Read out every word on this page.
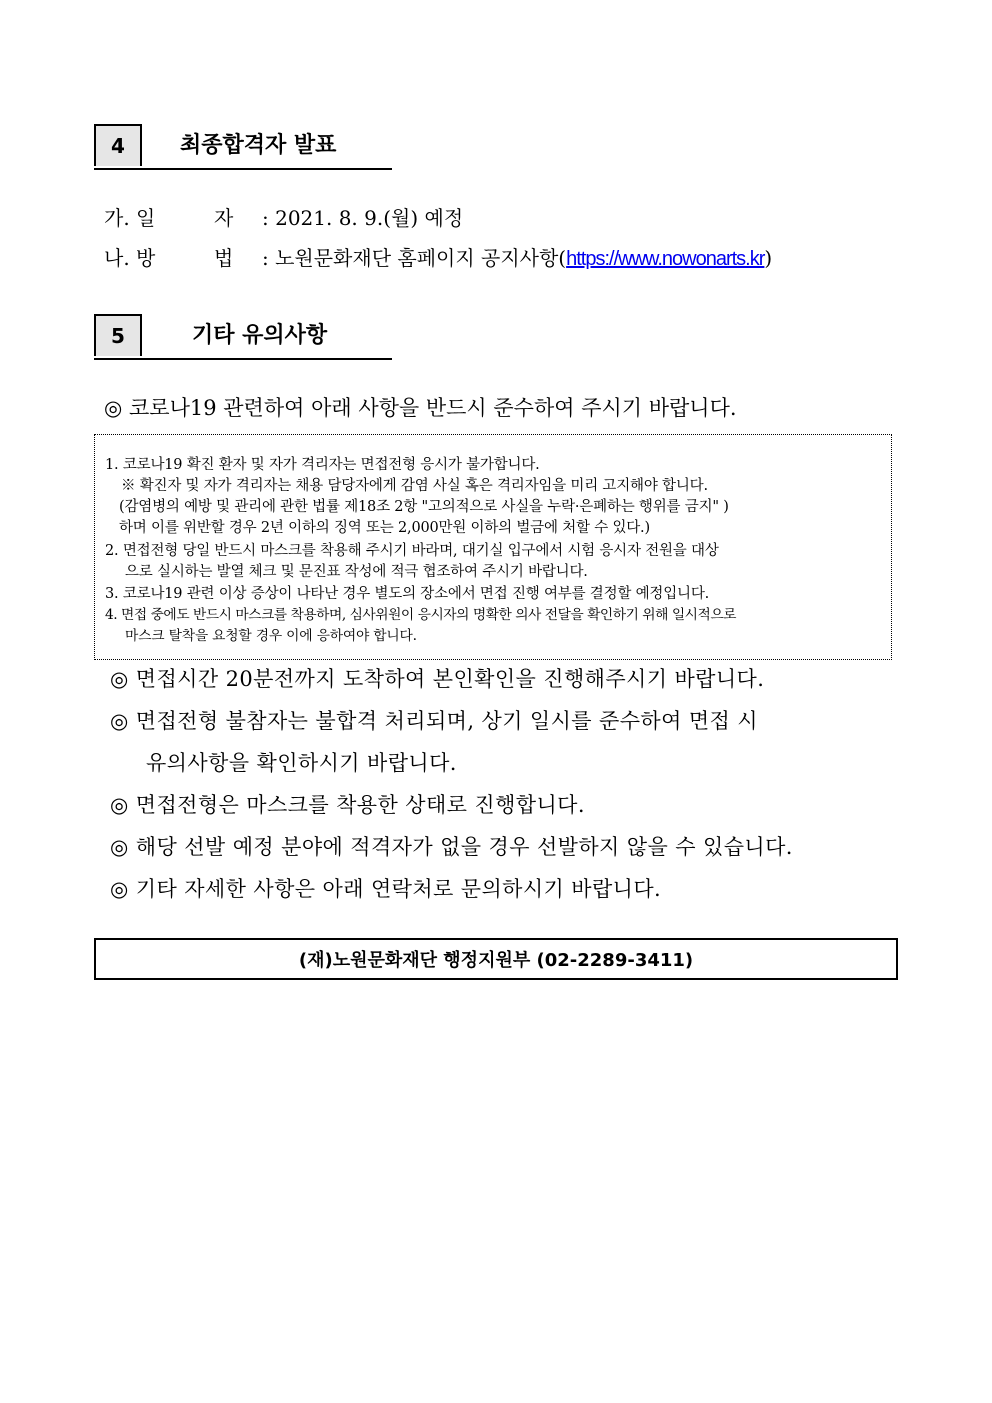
4	최종합격자 발표
가. 일	자 : 2021. 8. 9.(월) 예정
나. 방	법 : 노원문화재단 홈페이지 공지사항(https://www.nowonarts.kr)
5	기타 유의사항
◎ 코로나19 관련하여 아래 사항을 반드시 준수하여 주시기 바랍니다.
1. 코로나19 확진 환자 및 자가 격리자는 면접전형 응시가 불가합니다.
※ 확진자 및 자가 격리자는 채용 담당자에게 감염 사실 혹은 격리자임을 미리 고지해야 합니다.
(감염병의 예방 및 관리에 관한 법률 제18조 2항 "고의적으로 사실을 누락·은폐하는 행위를 금지" )
하며 이를 위반할 경우 2년 이하의 징역 또는 2,000만원 이하의 벌금에 처할 수 있다.)
2. 면접전형 당일 반드시 마스크를 착용해 주시기 바라며, 대기실 입구에서 시험 응시자 전원을 대상
으로 실시하는 발열 체크 및 문진표 작성에 적극 협조하여 주시기 바랍니다.
3. 코로나19 관련 이상 증상이 나타난 경우 별도의 장소에서 면접 진행 여부를 결정할 예정입니다.
4. 면접 중에도 반드시 마스크를 착용하며, 심사위원이 응시자의 명확한 의사 전달을 확인하기 위해 일시적으로
마스크 탈착을 요청할 경우 이에 응하여야 합니다.
◎ 면접시간 20분전까지 도착하여 본인확인을 진행해주시기 바랍니다.
◎ 면접전형 불참자는 불합격 처리되며, 상기 일시를 준수하여 면접 시
유의사항을 확인하시기 바랍니다.
◎ 면접전형은 마스크를 착용한 상태로 진행합니다.
◎ 해당 선발 예정 분야에 적격자가 없을 경우 선발하지 않을 수 있습니다.
◎ 기타 자세한 사항은 아래 연락처로 문의하시기 바랍니다.
(재)노원문화재단 행정지원부 (02-2289-3411)
